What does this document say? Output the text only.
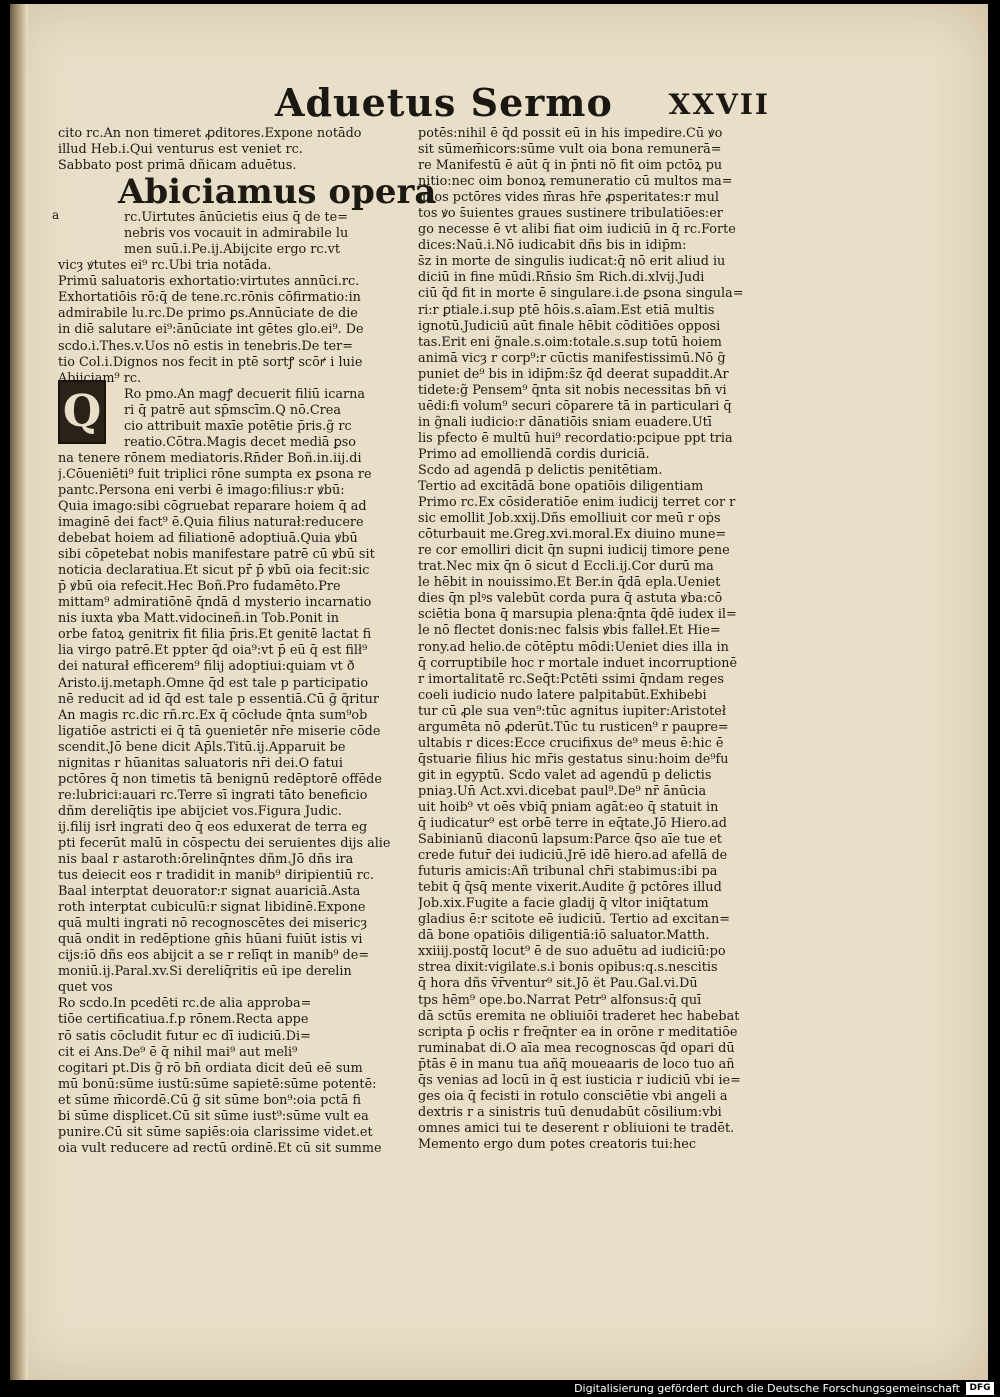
Aduetus Sermo	XXVII
a
Q
cito rc.An non timeret ꝓditores.Expone notādo
illud Heb.i.Qui venturus est veniet rc.
Sabbato post primā dñicam aduētus.
Abiciamus opera
rc.Uirtutes ānūcietis eius q̄ de te=
nebris vos vocauit in admirabile lu
men suū.i.Pe.ij.Abijcite ergo rc.vt
vicȝ ꝟtutes ei⁹ rc.Ubi tria notāda.
Primū saluatoris exhortatio:virtutes annūci.rc.
Exhortatiōis rō:q̄ de tene.rc.rōnis cōfirmatio:in
admirabile lu.rc.De primo ꝑs.Annūciate de die
in diē salutare ei⁹:ānūciate int̄ gētes glo.ei⁹. De
scdo.i.Thes.v.Uos nō estis in tenebris.De ter=
tio Col.i.Dignos nos fecit in ptē sortꝭ scōꝵ i luie
Abijciam⁹ rc.
Ro pmo.An magꝭ decuerit filiū icarna
ri q̄ patrē aut sp̄mscīm.Q̄ nō.Crea
cio attribuit maxīe potētie p̄ris.g̃ rc
reatio.Cōtra.Magis decet mediā ꝑso
na tenere rōnem mediatoris.Rn̄der Boñ.in.iij.di
j.Cōueniēti⁹ fuit triplici rōne sumpta ex ꝑsona re
pantc.Persona eni verbi ē imago:filius:r ꝟbū:
Quia imago:sibi cōgruebat reparare hoiem q̄ ad
imaginē dei fact⁹ ē.Quia filius naturał:reducere
debebat hoiem ad filiationē adoptiuā.Quia ꝟbū
sibi cōpetebat nobis manifestare patrē cū ꝟbū sit
noticia declaratiua.Et sicut pr̄ p̄ ꝟbū oia fecit:sic
p̄ ꝟbū oia refecit.Hec Boñ.Pro fudamēto.Pre
mittam⁹ admiratiōnē q̄ndā d̄ mysterio incarnatio
nis iuxta ꝟba Matt.vidocineñ.in Tob.Ponit in
orbe fatoꝝ genitrix fit filia p̄ris.Et genitē lactat fi
lia virgo patrē.Et ppter q̄d oia⁹:vt p̄ eū q̄ est filł⁹
dei naturał efficerem⁹ filij adoptiui:quiam vt ð
Aristo.ij.metaph.Omne q̄d est tale p participatio
nē reducit ad id q̄d est tale p essentiā.Cū g̃ q̃ritur
An magis rc.dic rñ.rc.Ex q̄ cōcłude q̄nta sum⁹ob
ligatiōe astricti ei q̄ tā ꝯuenietēr nr̄e miserie cōde
scendit.Jō bene dicit Ap̄ls.Titū.ij.Apparuit be
nignitas r hūanitas saluatoris nr̄i dei.O fatui
pctōres q̄ non timetis tā benignū redēptorē offēde
re:lubrici:auari rc.Terre sī ingrati tāto beneficio
dñm dereliq̄tis ipe abijciet vos.Figura Judic.
ij.filij isrł ingrati deo q̄ eos eduxerat de terra eg
pti fecerūt malū in cōspectu dei seruientes dijs alie
nis baal r astaroth:ōrelinq̄ntes dñm.Jō dñs ira
tus deiecit eos r tradidit in manib⁹ diripientiū rc.
Baal interptat̄ deuorator:r signat auariciā.Asta
roth interptat̄ cubiculū:r signat libidinē.Expone
quā multi ingrati nō recognoscētes dei misericȝ
quā ondit in redēptione gn̄is hūani fuiūt istis vi
cijs:iō dñs eos abijcit a se r relīqt in manib⁹ de=
moniū.ij.Paral.xv.Si dereliq̄ritis eū ipe derelin
quet vos
Ro scdo.In pcedēti rc.de alia approba=
tiōe certificatiua.f.p rōnem.Recta appe
rō satis cōcludit futur ec dī iudiciū.Di=
cit ei Ans.De⁹ ē q̄ nihil mai⁹ aut meli⁹
cogitari pt.Dis g̃ rō bn̄ ordiata dicit deū eē sum
mū bonū:sūme iustū:sūme sapietē:sūme potentē:
et sūme m̄icordē.Cū g̃ sit sūme bon⁹:oia pctā fi
bi sūme displicet.Cū sit sūme iust⁹:sūme vult ea
punire.Cū sit sūme sapiēs:oia clarissime videt̄.et
oia vult reducere ad rectū ordinē.Et cū sit summe
potēs:nihil ē q̄d possit eū in his impedire.Cū ꝟo
sit sūmem̄icors:sūme vult oia bona remunerā=
re Manifestū ē aūt q̄ in p̄nti nō fit oim pctōꝝ pu
nitio:nec oim bonoꝝ remuneratio cū multos ma=
gnos pctōres vides m̄ras hr̄e ꝓsperitates:r mul
tos ꝟo s̄uientes graues sustinere tribulatiōes:er
go necesse ē vt alibi fiat oim iudiciū in q̄ rc.Forte
dices:Naū.i.Nō iudicabit dñs bis in idip̄m:
s̄z in morte de singulis iudicat:q̄ nō erit aliud iu
diciū in fine mūdi.Rn̄sio s̄m Rich.di.xlvij.Judi
ciū q̄d fit in morte ē singulare.i.de ꝑsona singula=
ri:r ꝑtiale.i.sup ptē hōis.s.aīam.Est etiā multis
ignotū.Judiciū aūt finale hēbit cōditiōes opposi
tas.Erit eni g̃nale.s.oim:totale.s.sup totū hoiem
animā vicȝ r corp⁹:r cūctis manifestissimū.Nō g̃
puniet de⁹ bis in idip̄m:s̄z q̄d deerat supaddit.Ar
tidete:g̃ Pensem⁹ q̄nta sit nobis necessitas bn̄ vi
uēdi:fi volum⁹ securi cōparere tā in particulari q̄
in g̃nali iudicio:r dānatiōis sniam euadere.Utī
lis pfecto ē multū hui⁹ recordatio:pcipue ppt̄ tria
Primo ad emolliendā cordis duriciā.
Scdo ad agendā p delictis penitētiam.
Tertio ad excitādā bone opatiōis diligentiam
Primo rc.Ex cōsideratiōe enim iudicij terret cor r
sic emollit Job.xxij.Dñs emolliuit cor meū r oṗs
cōturbauit me.Greg.xvi.moral.Ex diuino mune=
re cor emolliri dicit q̄n supni iudicij timore ꝑene
trat̄.Nec mix q̄n ō sicut d̄ Eccli.ij.Cor durū ma
le hēbit in nouissimo.Et Ber.in q̄dā epl̄a.Ueniet
dies q̄n plꝰs valebūt corda pura q̄ astuta ꝟba:cō
sciētia bona q̄ marsupia plena:q̄nta q̄dē iudex il=
le nō flectet donis:nec falsis ꝟbis falleł.Et Hie=
rony.ad helio.de cōtēptu mōdi:Ueniet dies illa in
q̄ corruptibile hoc r mortale induet incorruptionē
r imortalitatē rc.Seq̄t:Pctēti ssimi q̄ndam reges
coeli iudicio nudo latere palpitabūt.Exhibebi
tur cū ꝓle sua ven⁹:tūc agnitus iupiter:Aristoteł
argumēta nō ꝓderūt.Tūc tu rusticen⁹ r paupre=
ultabis r dices:Ecce crucifixus de⁹ meus ē:hic ē
q̄stuarie filius hic mr̄is gestatus sinu:hoim de⁹fu
git in egyptū. Scdo valet ad agendū p delictis
pniaȝ.Un̄ Act.xvi.dicebat paul⁹.De⁹ nr̄ ānūcia
uit hoib⁹ vt oēs vbiq̄ pniam agāt:eo q̄ statuit in
q̄ iudicatur⁹ est orbē terre in eq̄tate.Jō Hiero.ad
Sabinianū diaconū lapsum:Parce q̄so aīe tue et
crede futur̄ dei iudiciū.Jrē idē hiero.ad afellā de
futuris amicis:Añ tribunal chr̄i stabimus:ibi pa
tebit q̄ q̄sq̄ mente vixerit.Audite g̃ pctōres illud
Job.xix.Fugite a facie gladij q̄ vltor iniq̄tatum
gladius ē:r scitote eē iudiciū. Tertio ad excitan=
dā bone opatiōis diligentiā:iō saluator.Matth.
xxiiij.postq̄ locut⁹ ē de suo aduētu ad iudiciū:po
strea dixit:vigilate.s.i bonis opibus:q.s.nescitis
q̄ hora dñs v̄r̄ventur⁹ sit.Jō ët Pau.Gal.vi.Dū
tps hēm⁹ ope.bo.Narrat Petr⁹ alfonsus:q̄ quī
dā sctūs eremita ne obliuiōi traderet hec habebat
scripta p̄ ocłis r freq̄nter ea in orōne r meditatiōe
ruminabat di.O aīa mea recognoscas q̄d opari dū
p̄tās ē in manu tua añq̄ moueaaris de loco tuo añ
q̄s venias ad locū in q̄ est iusticia r iudiciū vbi ie=
ges oia q̄ fecisti in rotulo consciētie vbi angeli a
dextris r a sinistris tuū denudabūt cōsilium:vbi
omnes amici tui te deserent r obliuioni te tradēt.
Memento ergo dum potes creatoris tui:hec
Digitalisierung gefördert durch die Deutsche Forschungsgemeinschaft	DFG
